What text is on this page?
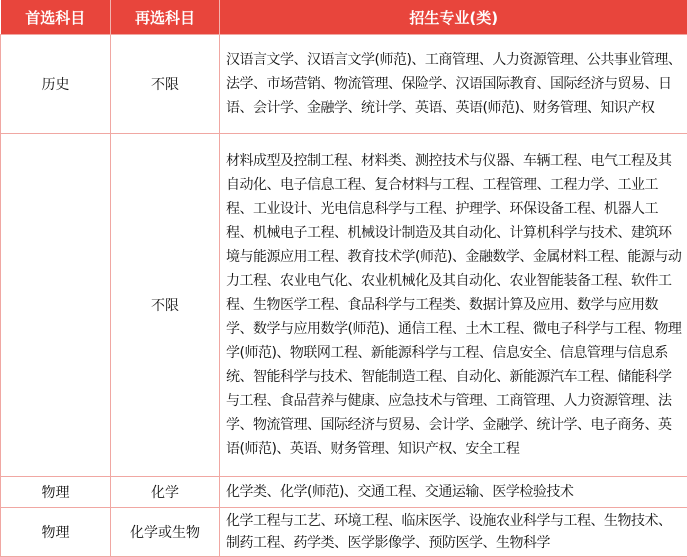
首选科目	再选科目	招生专业(类)
历史	不限	汉语言文学、汉语言文学(师范)、工商管理、人力资源管理、公共事业管理、法学、市场营销、物流管理、保险学、汉语国际教育、国际经济与贸易、日语、会计学、金融学、统计学、英语、英语(师范)、财务管理、知识产权
	不限	材料成型及控制工程、材料类、测控技术与仪器、车辆工程、电气工程及其自动化、电子信息工程、复合材料与工程、工程管理、工程力学、工业工程、工业设计、光电信息科学与工程、护理学、环保设备工程、机器人工程、机械电子工程、机械设计制造及其自动化、计算机科学与技术、建筑环境与能源应用工程、教育技术学(师范)、金融数学、金属材料工程、能源与动力工程、农业电气化、农业机械化及其自动化、农业智能装备工程、软件工程、生物医学工程、食品科学与工程类、数据计算及应用、数学与应用数学、数学与应用数学(师范)、通信工程、土木工程、微电子科学与工程、物理学(师范)、物联网工程、新能源科学与工程、信息安全、信息管理与信息系统、智能科学与技术、智能制造工程、自动化、新能源汽车工程、储能科学与工程、食品营养与健康、应急技术与管理、工商管理、人力资源管理、法学、物流管理、国际经济与贸易、会计学、金融学、统计学、电子商务、英语(师范)、英语、财务管理、知识产权、安全工程
物理	化学	化学类、化学(师范)、交通工程、交通运输、医学检验技术
物理	化学或生物	化学工程与工艺、环境工程、临床医学、设施农业科学与工程、生物技术、制药工程、药学类、医学影像学、预防医学、生物科学
